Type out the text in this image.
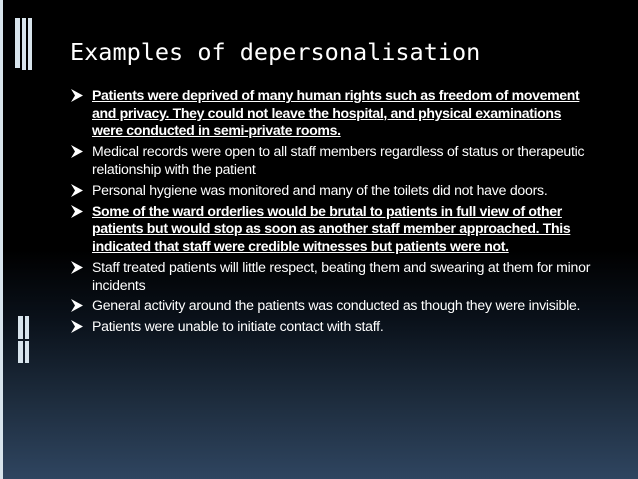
Examples of depersonalisation
Patients were deprived of many human rights such as freedom of movement and privacy. They could not leave the hospital, and physical examinations were conducted in semi-private rooms.
Medical records were open to all staff members regardless of status or therapeutic relationship with the patient
Personal hygiene was monitored and many of the toilets did not have doors.
Some of the ward orderlies would be brutal to patients in full view of other patients but would stop as soon as another staff member approached. This indicated that staff were credible witnesses but patients were not.
Staff treated patients will little respect, beating them and swearing at them for minor incidents
General activity around the patients was conducted as though they were invisible.
Patients were unable to initiate contact with staff.
